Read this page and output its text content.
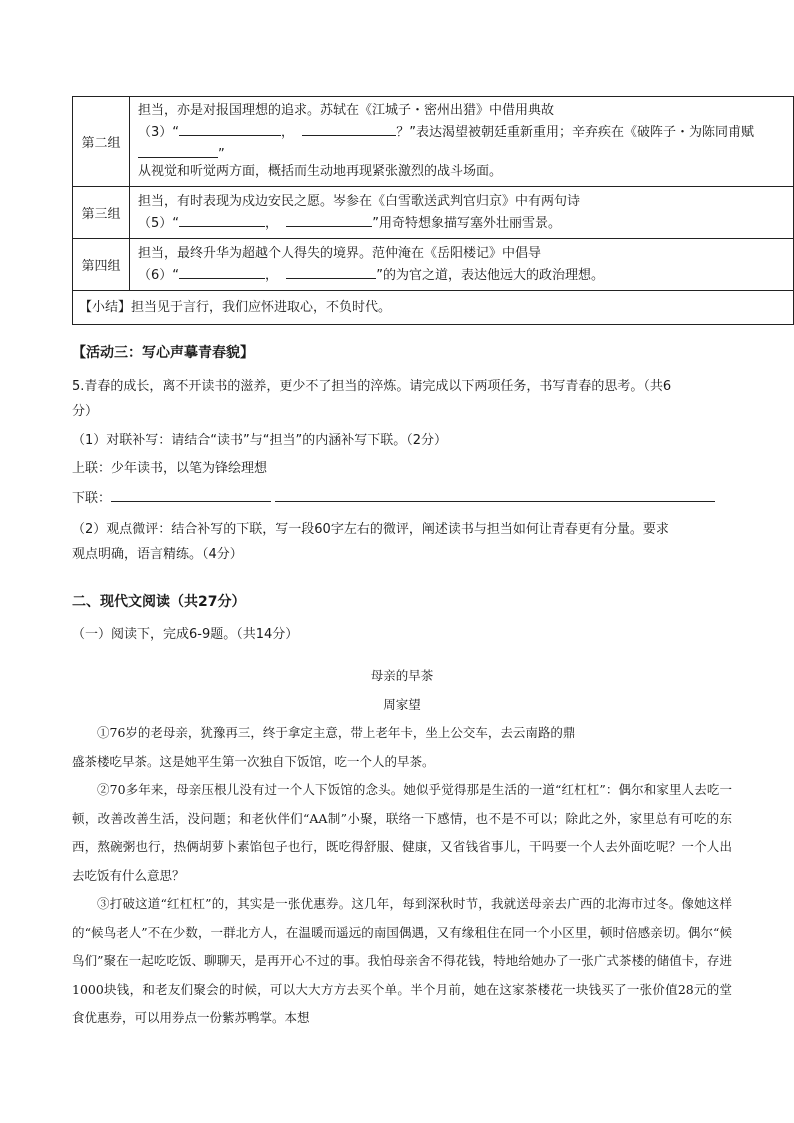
第二组	担当，亦是对报国理想的追求。苏轼在《江城子・密州出猎》中借用典故
（3）“ ， ？”表达渴望被朝廷重新重用；辛弃疾在《破阵子・为陈同甫赋
”
从视觉和听觉两方面，概括而生动地再现紧张激烈的战斗场面。

第三组	担当，有时表现为戍边安民之愿。岑参在《白雪歌送武判官归京》中有两句诗
（5）“ ， ”用奇特想象描写塞外壮丽雪景。

第四组	担当，最终升华为超越个人得失的境界。范仲淹在《岳阳楼记》中倡导
（6）“ ， ”的为官之道，表达他远大的政治理想。

【小结】担当见于言行，我们应怀进取心，不负时代。	
【活动三：写心声摹青春貌】
5.青春的成长，离不开读书的滋养，更少不了担当的淬炼。请完成以下两项任务，书写青春的思考。（共6
分）
（1）对联补写：请结合“读书”与“担当”的内涵补写下联。（2分）
上联：少年读书，以笔为锋绘理想
下联：
（2）观点微评：结合补写的下联，写一段60字左右的微评，阐述读书与担当如何让青春更有分量。要求
观点明确，语言精练。（4分）
二、现代文阅读（共27分）
（一）阅读下，完成6-9题。（共14分）

母亲的早茶

周家望

①76岁的老母亲，犹豫再三，终于拿定主意，带上老年卡，坐上公交车，去云南路的鼎

盛茶楼吃早茶。这是她平生第一次独自下饭馆，吃一个人的早茶。

②70多年来，母亲压根儿没有过一个人下饭馆的念头。她似乎觉得那是生活的一道“红杠杠”：偶尔和家里人去吃一顿，改善改善生活，没问题；和老伙伴们“AA制”小聚，联络一下感情，也不是不可以；除此之外，家里总有可吃的东西，熬碗粥也行，热俩胡萝卜素馅包子也行，既吃得舒服、健康，又省钱省事儿，干吗要一个人去外面吃呢？一个人出去吃饭有什么意思？

③打破这道“红杠杠”的，其实是一张优惠券。这几年，每到深秋时节，我就送母亲去广西的北海市过冬。像她这样的“候鸟老人”不在少数，一群北方人，在温暖而遥远的南国偶遇，又有缘租住在同一个小区里，顿时倍感亲切。偶尔“候鸟们”聚在一起吃吃饭、聊聊天，是再开心不过的事。我怕母亲舍不得花钱，特地给她办了一张广式茶楼的储值卡，存进1000块钱，和老友们聚会的时候，可以大大方方去买个单。半个月前，她在这家茶楼花一块钱买了一张价值28元的堂食优惠券，可以用券点一份紫苏鸭掌。本想
